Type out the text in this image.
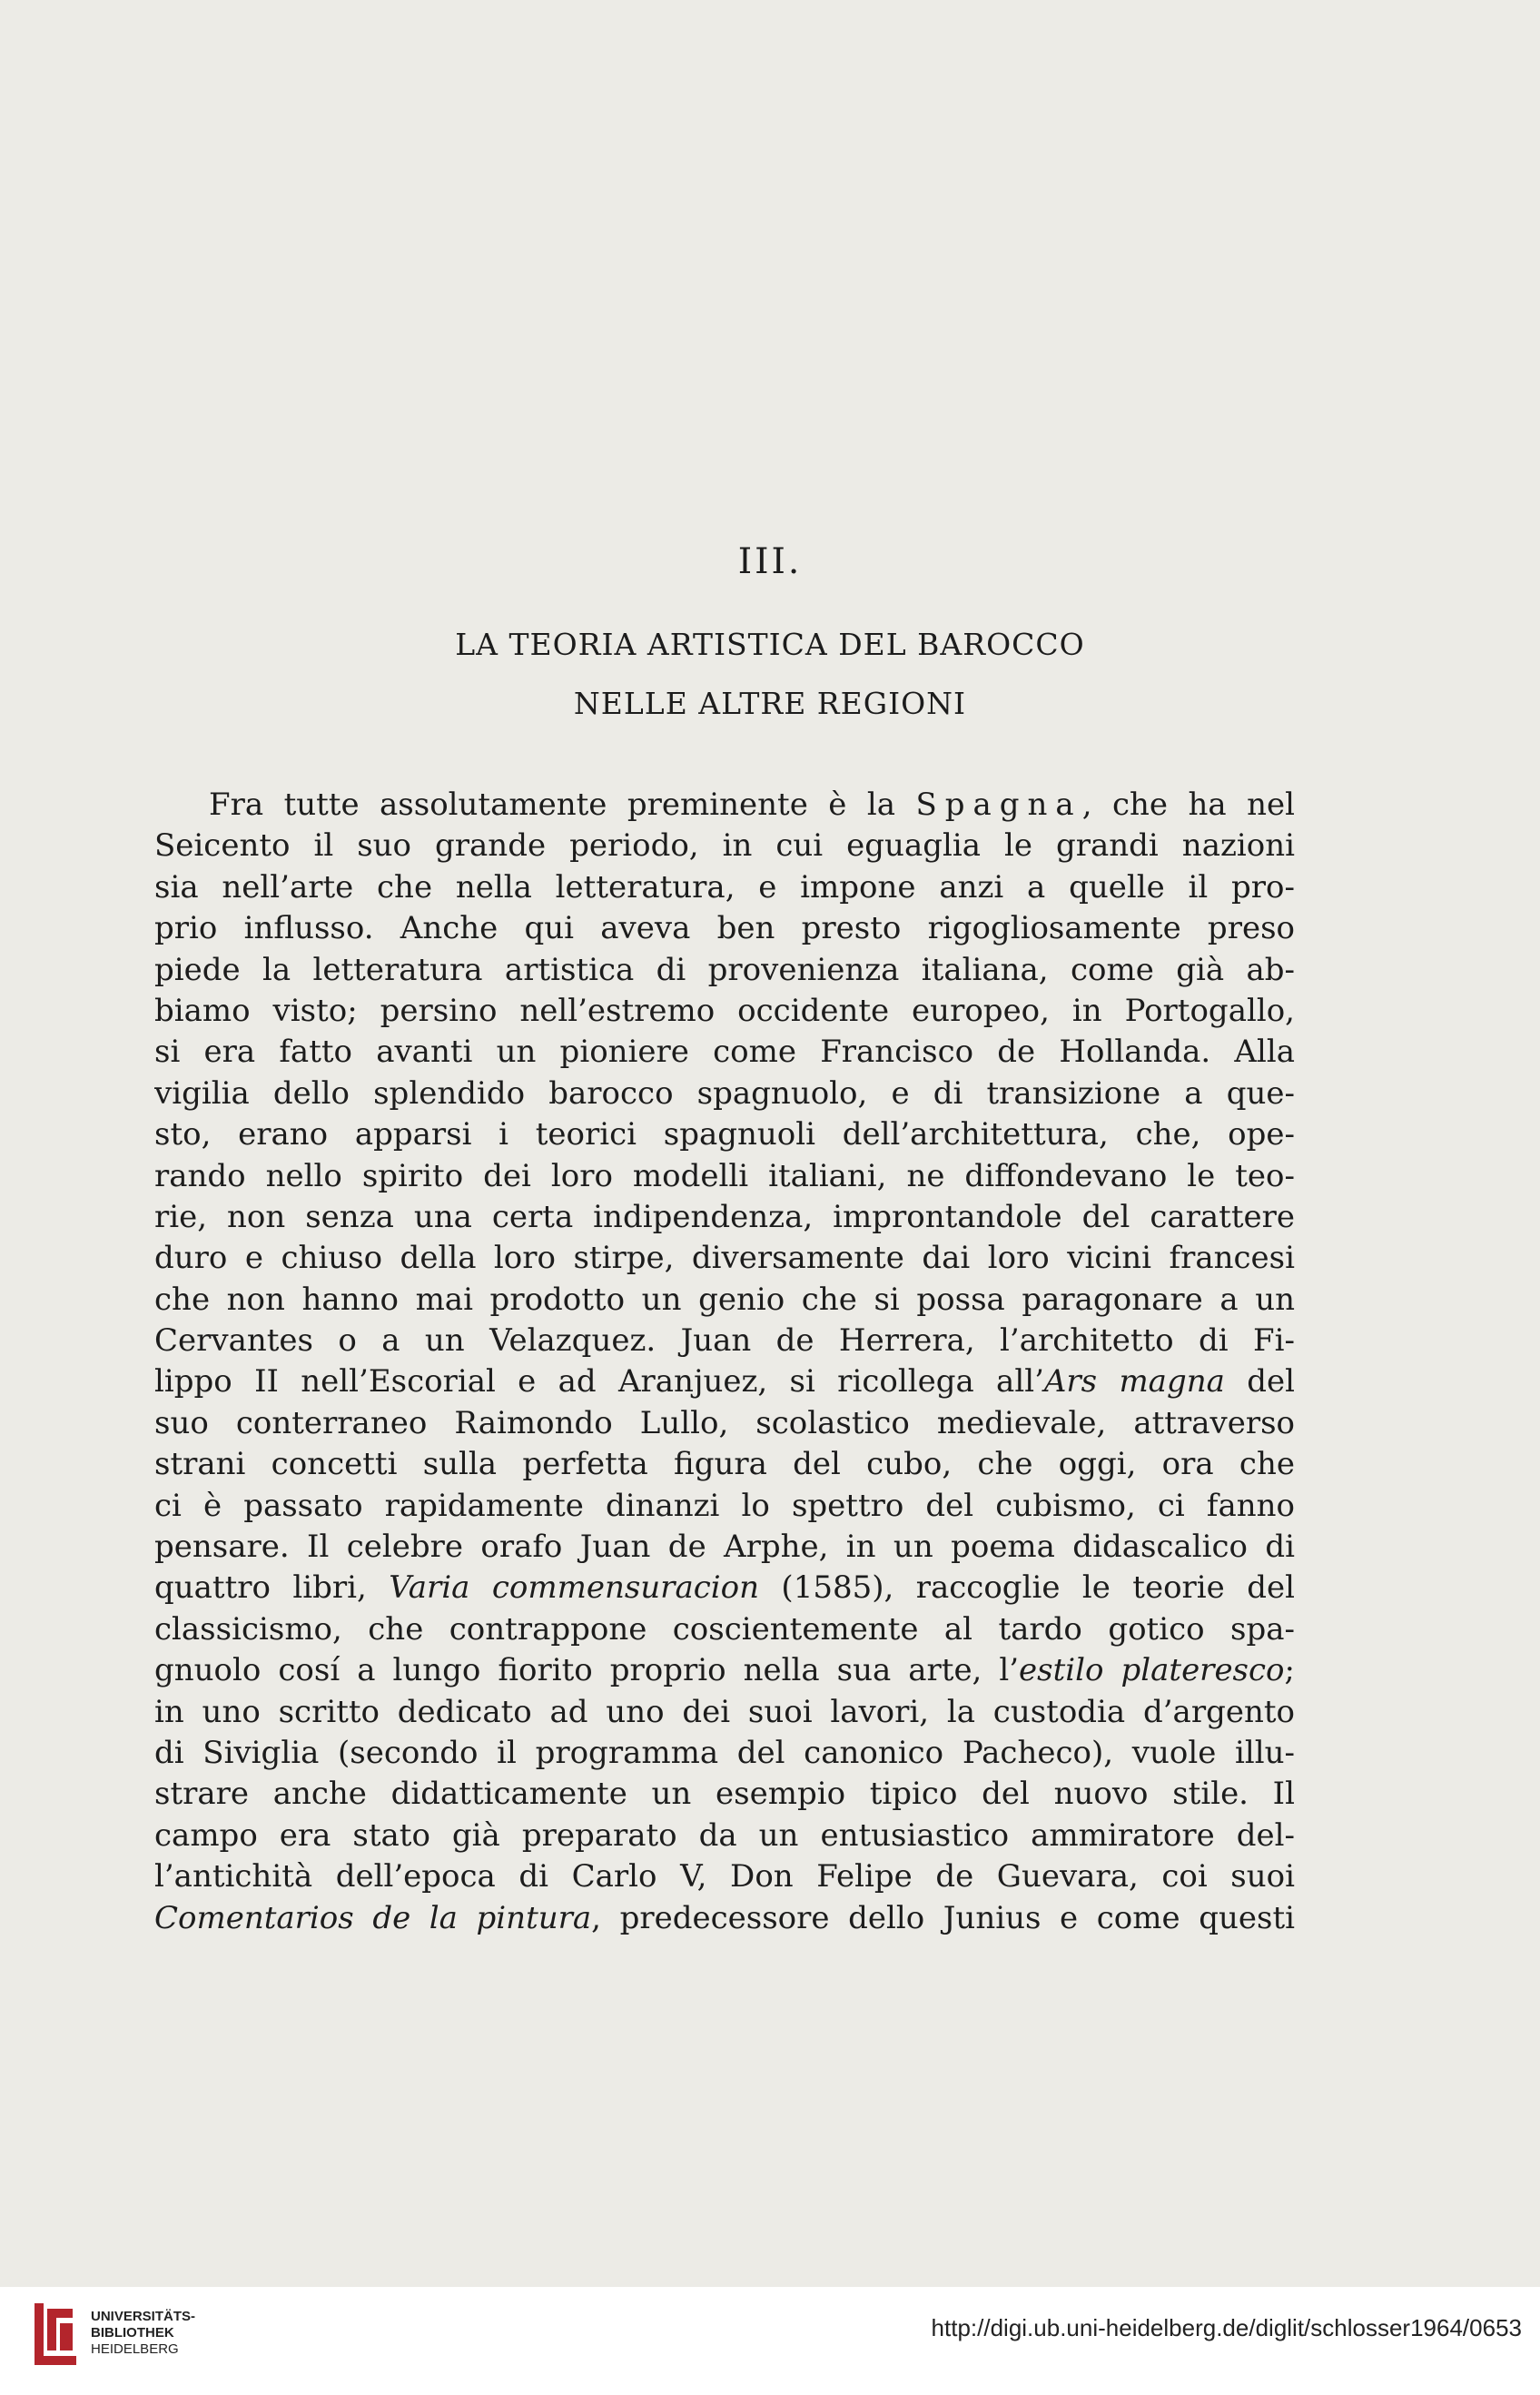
III.
LA TEORIA ARTISTICA DEL BAROCCO
NELLE ALTRE REGIONI
Fra tutte assolutamente preminente è la Spagna, che ha nel
Seicento il suo grande periodo, in cui eguaglia le grandi nazioni
sia nell’arte che nella letteratura, e impone anzi a quelle il pro-
prio influsso. Anche qui aveva ben presto rigogliosamente preso
piede la letteratura artistica di provenienza italiana, come già ab-
biamo visto; persino nell’estremo occidente europeo, in Portogallo,
si era fatto avanti un pioniere come Francisco de Hollanda. Alla
vigilia dello splendido barocco spagnuolo, e di transizione a que-
sto, erano apparsi i teorici spagnuoli dell’architettura, che, ope-
rando nello spirito dei loro modelli italiani, ne diffondevano le teo-
rie, non senza una certa indipendenza, improntandole del carattere
duro e chiuso della loro stirpe, diversamente dai loro vicini francesi
che non hanno mai prodotto un genio che si possa paragonare a un
Cervantes o a un Velazquez. Juan de Herrera, l’architetto di Fi-
lippo II nell’Escorial e ad Aranjuez, si ricollega all’Ars magna del
suo conterraneo Raimondo Lullo, scolastico medievale, attraverso
strani concetti sulla perfetta figura del cubo, che oggi, ora che
ci è passato rapidamente dinanzi lo spettro del cubismo, ci fanno
pensare. Il celebre orafo Juan de Arphe, in un poema didascalico di
quattro libri, Varia commensuracion (1585), raccoglie le teorie del
classicismo, che contrappone coscientemente al tardo gotico spa-
gnuolo cosí a lungo fiorito proprio nella sua arte, l’estilo plateresco;
in uno scritto dedicato ad uno dei suoi lavori, la custodia d’argento
di Siviglia (secondo il programma del canonico Pacheco), vuole illu-
strare anche didatticamente un esempio tipico del nuovo stile. Il
campo era stato già preparato da un entusiastico ammiratore del-
l’antichità dell’epoca di Carlo V, Don Felipe de Guevara, coi suoi
Comentarios de la pintura, predecessore dello Junius e come questi
UNIVERSITÄTS-
BIBLIOTHEK
HEIDELBERG
http://digi.ub.uni-heidelberg.de/diglit/schlosser1964/0653
